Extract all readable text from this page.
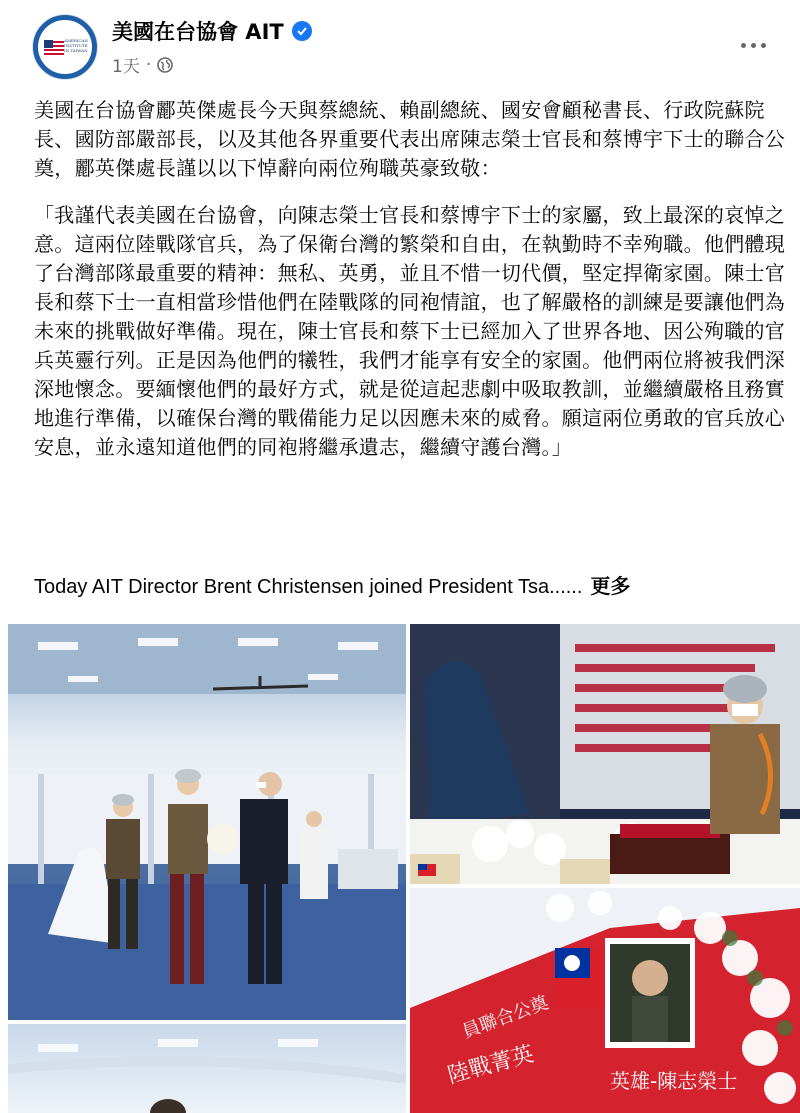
AMERICAN INSTITUTE IN TAIWAN
美國在台協會 AIT
1天 ·

美國在台協會酈英傑處長今天與蔡總統、賴副總統、國安會顧秘書長、行政院蘇院長、國防部嚴部長，以及其他各界重要代表出席陳志榮士官長和蔡博宇下士的聯合公奠，酈英傑處長謹以以下悼辭向兩位殉職英豪致敬：

「我謹代表美國在台協會，向陳志榮士官長和蔡博宇下士的家屬，致上最深的哀悼之意。這兩位陸戰隊官兵，為了保衛台灣的繁榮和自由，在執勤時不幸殉職。他們體現了台灣部隊最重要的精神：無私、英勇，並且不惜一切代價，堅定捍衛家園。陳士官長和蔡下士一直相當珍惜他們在陸戰隊的同袍情誼，也了解嚴格的訓練是要讓他們為未來的挑戰做好準備。現在，陳士官長和蔡下士已經加入了世界各地、因公殉職的官兵英靈行列。正是因為他們的犧牲，我們才能享有安全的家園。他們兩位將被我們深深地懷念。要緬懷他們的最好方式，就是從這起悲劇中吸取教訓，並繼續嚴格且務實地進行準備，以確保台灣的戰備能力足以因應未來的威脅。願這兩位勇敢的官兵放心安息，並永遠知道他們的同袍將繼承遺志，繼續守護台灣。」

Today AIT Director Brent Christensen joined President Tsa...... 更多
員聯合公奠
陸戰菁英	英雄-陳志榮士
